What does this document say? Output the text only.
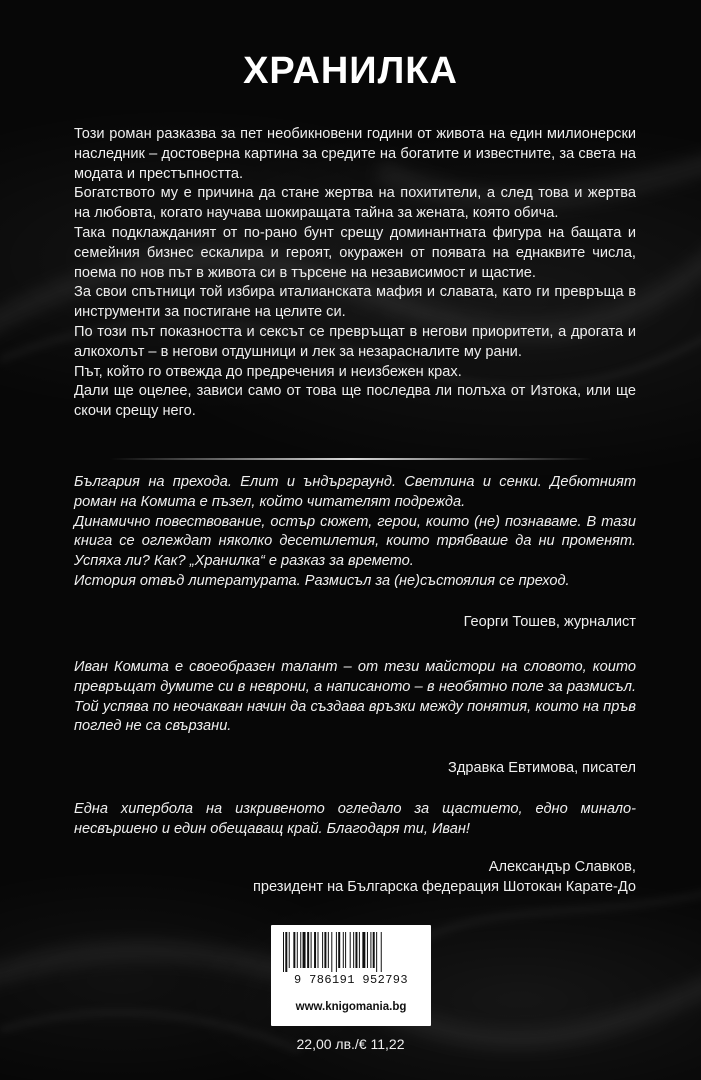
ХРАНИЛКА

Този роман разказва за пет необикновени години от живота на един милионерски наследник – достоверна картина за средите на богатите и известните, за света на модата и престъпността.

Богатството му е причина да стане жертва на похитители, а след това и жертва на любовта, когато научава шокиращата тайна за жената, която обича.

Така подклажданият от по-рано бунт срещу доминантната фигура на бащата и семейния бизнес ескалира и героят, окуражен от появата на еднаквите числа, поема по нов път в живота си в търсене на независимост и щастие.

За свои спътници той избира италианската мафия и славата, като ги превръща в инструменти за постигане на целите си.

По този път показността и сексът се превръщат в негови приоритети, а дрогата и алкохолът – в негови отдушници и лек за незарасналите му рани.

Път, който го отвежда до предречения и неизбежен крах.

Дали ще оцелее, зависи само от това ще последва ли полъха от Изтока, или ще скочи срещу него.

България на прехода. Елит и ъндърграунд. Светлина и сенки. Дебютният роман на Комита е пъзел, който читателят подрежда.

Динамично повествование, остър сюжет, герои, които (не) познаваме. В тази книга се оглеждат няколко десетилетия, които трябваше да ни променят. Успяха ли? Как? „Хранилка“ е разказ за времето.

История отвъд литературата. Размисъл за (не)състоялия се преход.

Георги Тошев, журналист

Иван Комита е своеобразен талант – от тези майстори на словото, които превръщат думите си в неврони, а написаното – в необятно поле за размисъл. Той успява по неочакван начин да създава връзки между понятия, които на пръв поглед не са свързани.

Здравка Евтимова, писател

Една хипербола на изкривеното огледало за щастието, едно минало-несвършено и един обещаващ край. Благодаря ти, Иван!

Александър Славков,
президент на Българска федерация Шотокан Карате-До
9 786191 952793
www.knigomania.bg
22,00 лв./€ 11,22
